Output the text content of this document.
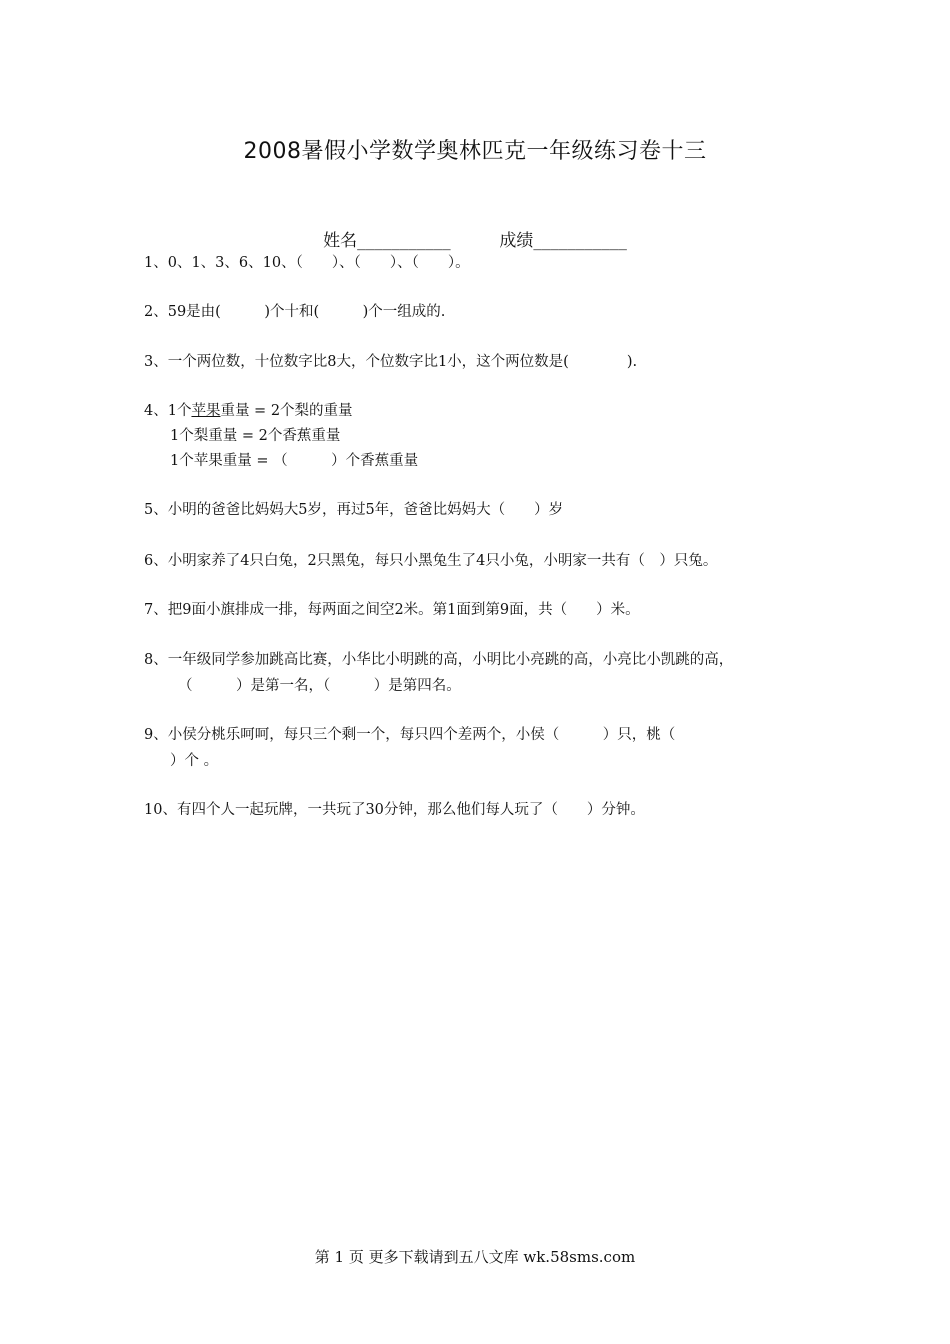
2008暑假小学数学奥林匹克一年级练习卷十三
姓名___________	成绩___________
1、0、1、3、6、10、（　　）、（　　）、（　　）。
2、59是由(　　　)个十和(　　　)个一组成的.
3、一个两位数，十位数字比8大，个位数字比1小，这个两位数是(　　　　).
4、1个苹果重量 = 2个梨的重量
1个梨重量 = 2个香蕉重量
1个苹果重量 = （　　　）个香蕉重量
5、小明的爸爸比妈妈大5岁，再过5年，爸爸比妈妈大（　　）岁
6、小明家养了4只白兔，2只黑兔，每只小黑兔生了4只小兔，小明家一共有（　）只兔。
7、把9面小旗排成一排，每两面之间空2米。第1面到第9面，共（　　）米。
8、一年级同学参加跳高比赛，小华比小明跳的高，小明比小亮跳的高，小亮比小凯跳的高，
（　　　）是第一名，（　　　）是第四名。
9、小侯分桃乐呵呵，每只三个剩一个，每只四个差两个，小侯（　　　）只，桃（
）个 。
10、有四个人一起玩牌，一共玩了30分钟，那么他们每人玩了（　　）分钟。
第 1 页 更多下载请到五八文库 wk.58sms.com
